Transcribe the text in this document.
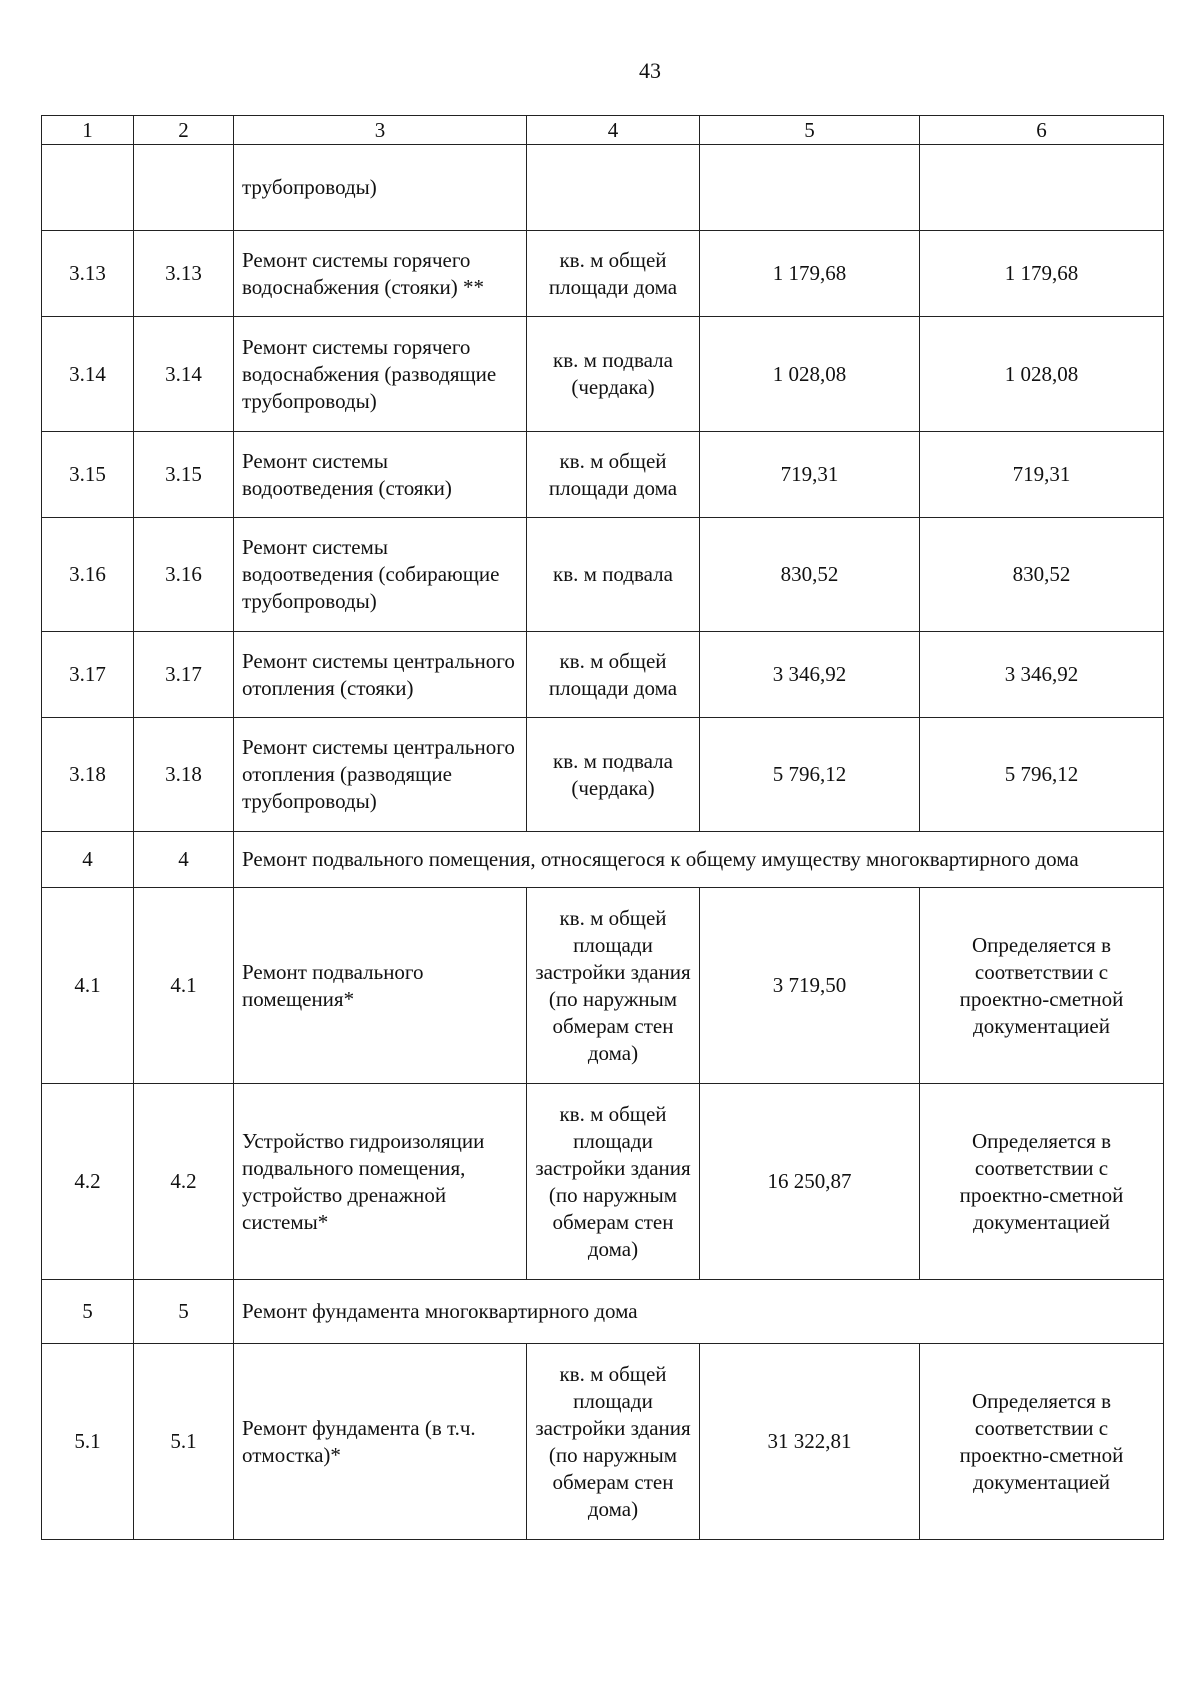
43
1	2	3	4	5	6
		трубопроводы)			
3.13	3.13	Ремонт системы горячего водоснабжения (стояки) **	кв. м общей площади дома	1 179,68	1 179,68
3.14	3.14	Ремонт системы горячего водоснабжения (разводящие трубопроводы)	кв. м подвала (чердака)	1 028,08	1 028,08
3.15	3.15	Ремонт системы водоотведения (стояки)	кв. м общей площади дома	719,31	719,31
3.16	3.16	Ремонт системы водоотведения (собирающие трубопроводы)	кв. м подвала	830,52	830,52
3.17	3.17	Ремонт системы центрального отопления (стояки)	кв. м общей площади дома	3 346,92	3 346,92
3.18	3.18	Ремонт системы центрального отопления (разводящие трубопроводы)	кв. м подвала (чердака)	5 796,12	5 796,12
4	4	Ремонт подвального помещения, относящегося к общему имуществу многоквартирного дома			
4.1	4.1	Ремонт подвального помещения*	кв. м общей площади застройки здания (по наружным обмерам стен дома)	3 719,50	Определяется в соответствии с проектно-сметной документацией
4.2	4.2	Устройство гидроизоляции подвального помещения, устройство дренажной системы*	кв. м общей площади застройки здания (по наружным обмерам стен дома)	16 250,87	Определяется в соответствии с проектно-сметной документацией
5	5	Ремонт фундамента многоквартирного дома			
5.1	5.1	Ремонт фундамента (в т.ч. отмостка)*	кв. м общей площади застройки здания (по наружным обмерам стен дома)	31 322,81	Определяется в соответствии с проектно-сметной документацией
